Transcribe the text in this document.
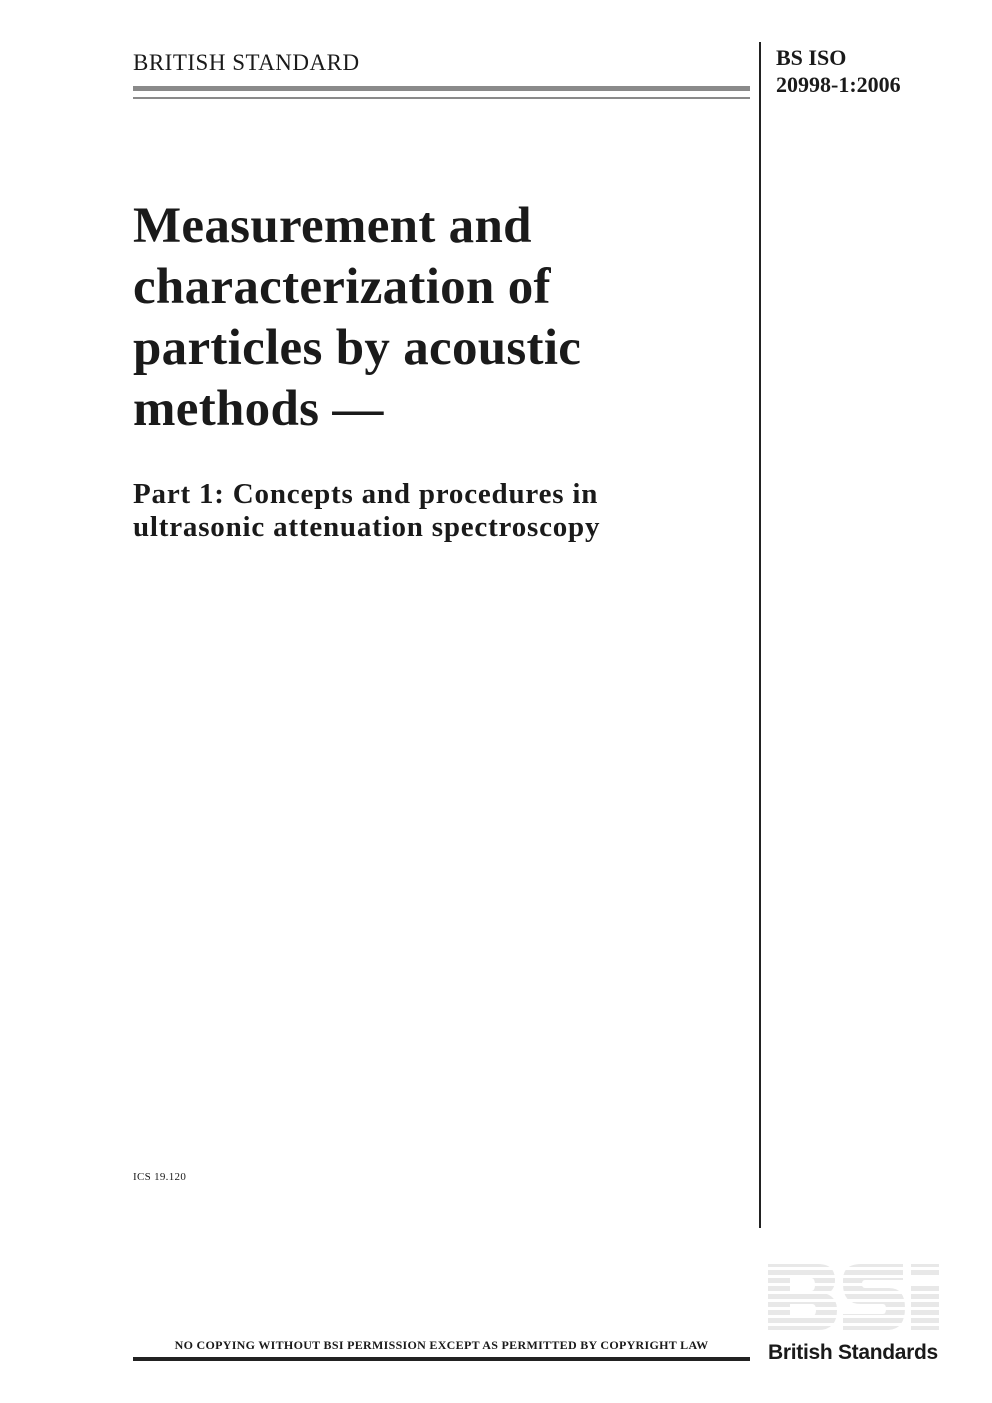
BRITISH STANDARD	BS ISO
20998-1:2006
Measurement and
characterization of
particles by acoustic
methods —
Part 1: Concepts and procedures in
ultrasonic attenuation spectroscopy
ICS 19.120
NO COPYING WITHOUT BSI PERMISSION EXCEPT AS PERMITTED BY COPYRIGHT LAW	British Standards
